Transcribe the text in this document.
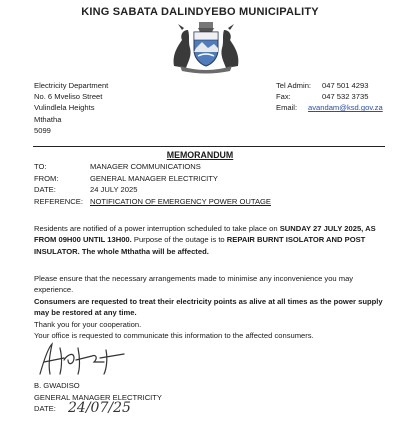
KING SABATA DALINDYEBO MUNICIPALITY
Electricity Department
No. 6 Mveliso Street
Vulindlela Heights
Mthatha
5099
Tel Admin:	047 501 4293
Fax:	047 532 3735
Email:	avandam@ksd.gov.za
MEMORANDUM
TO:	MANAGER COMMUNICATIONS
FROM:	GENERAL MANAGER ELECTRICITY
DATE:	24 JULY 2025
REFERENCE: NOTIFICATION OF EMERGENCY POWER OUTAGE
Residents are notified of a power interruption scheduled to take place on SUNDAY 27 JULY 2025, AS FROM 09H00 UNTIL 13H00. Purpose of the outage is to REPAIR BURNT ISOLATOR AND POST INSULATOR. The whole Mthatha will be affected.
Please ensure that the necessary arrangements made to minimise any inconvenience you may experience.
Consumers are requested to treat their electricity points as alive at all times as the power supply may be restored at any time.
Thank you for your cooperation.
Your office is requested to communicate this information to the affected consumers.
B. GWADISO
GENERAL MANAGER ELECTRICITY
DATE: 24/07/25
